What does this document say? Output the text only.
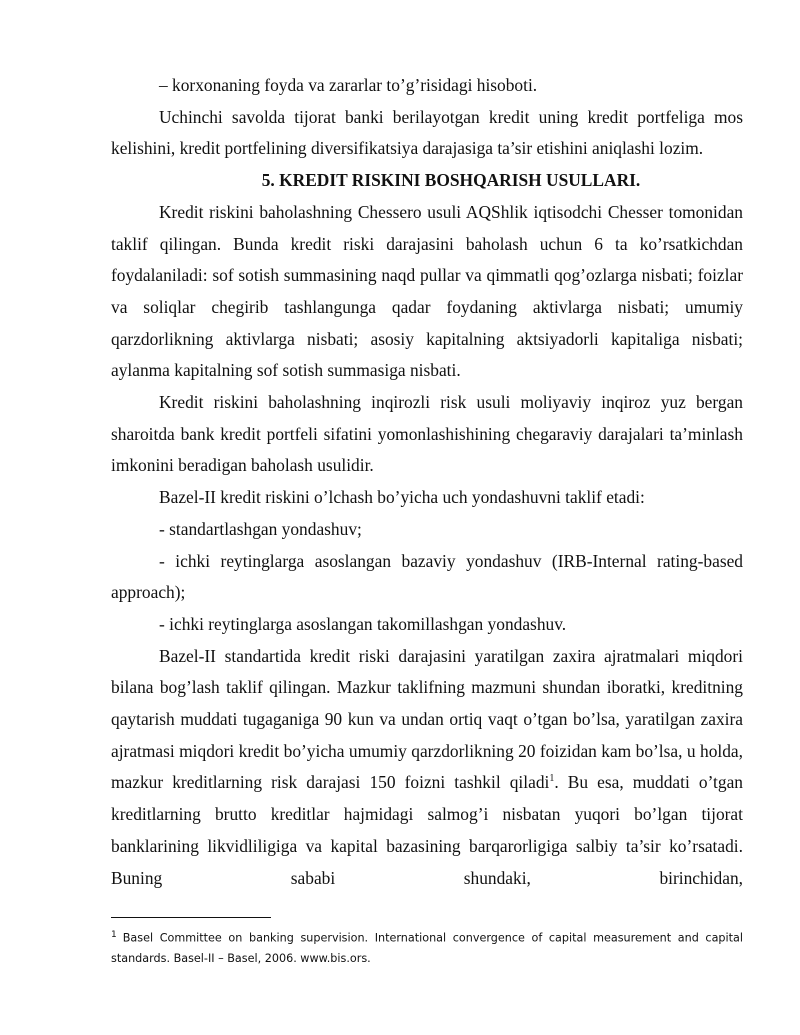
– korxonaning foyda va zararlar to’g’risidagi hisoboti.

Uchinchi savolda tijorat banki berilayotgan kredit uning kredit portfeliga mos kelishini, kredit portfelining diversifikatsiya darajasiga ta’sir etishini aniqlashi lozim.

5. KREDIT RISKINI BOSHQARISH USULLARI.

Kredit riskini baholashning Chessero usuli AQShlik iqtisodchi Chesser tomonidan taklif qilingan. Bunda kredit riski darajasini baholash uchun 6 ta ko’rsatkichdan foydalaniladi: sof sotish summasining naqd pullar va qimmatli qog’ozlarga nisbati; foizlar va soliqlar chegirib tashlangunga qadar foydaning aktivlarga nisbati; umumiy qarzdorlikning aktivlarga nisbati; asosiy kapitalning aktsiyadorli kapitaliga nisbati; aylanma kapitalning sof sotish summasiga nisbati.

Kredit riskini baholashning inqirozli risk usuli moliyaviy inqiroz yuz bergan sharoitda bank kredit portfeli sifatini yomonlashishining chegaraviy darajalari ta’minlash imkonini beradigan baholash usulidir.

Bazel-II kredit riskini o’lchash bo’yicha uch yondashuvni taklif etadi:

- standartlashgan yondashuv;

- ichki reytinglarga asoslangan bazaviy yondashuv (IRB-Internal rating-based approach);

- ichki reytinglarga asoslangan takomillashgan yondashuv.

Bazel-II standartida kredit riski darajasini yaratilgan zaxira ajratmalari miqdori bilana bog’lash taklif qilingan. Mazkur taklifning mazmuni shundan iboratki, kreditning qaytarish muddati tugaganiga 90 kun va undan ortiq vaqt o’tgan bo’lsa, yaratilgan zaxira ajratmasi miqdori kredit bo’yicha umumiy qarzdorlikning 20 foizidan kam bo’lsa, u holda, mazkur kreditlarning risk darajasi 150 foizni tashkil qiladi$^1$. Bu esa, muddati o’tgan kreditlarning brutto kreditlar hajmidagi salmog’i nisbatan yuqori bo’lgan tijorat banklarining likvidliligiga va kapital bazasining barqarorligiga salbiy ta’sir ko’rsatadi. Buning sababi shundaki, birinchidan,

$^1$ Basel Committee on banking supervision. International convergence of capital measurement and capital standards. Basel-II – Basel, 2006. www.bis.ors.
